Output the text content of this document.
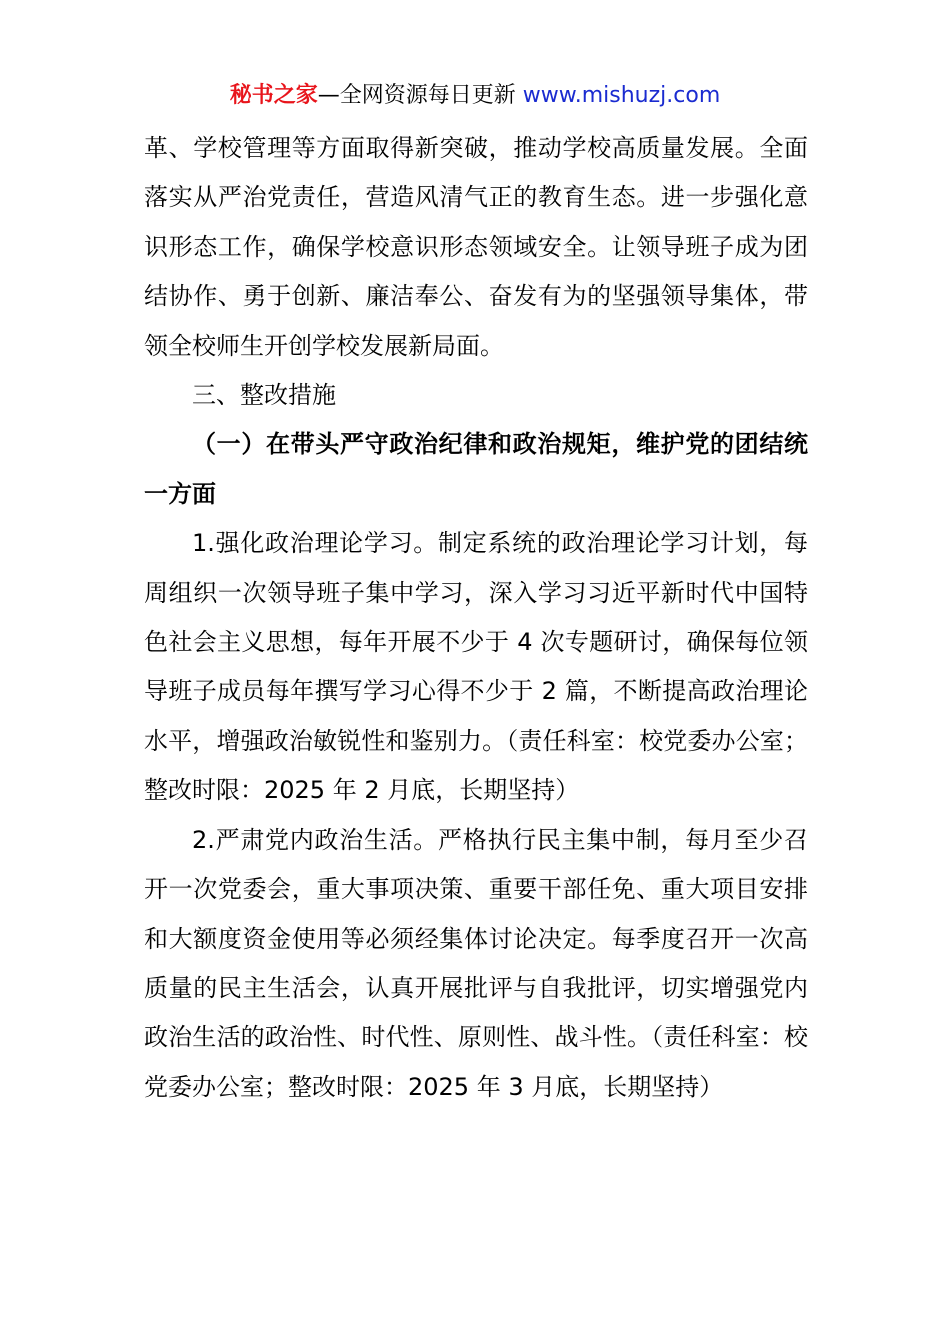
秘书之家—全网资源每日更新 www.mishuzj.com

革、学校管理等方面取得新突破，推动学校高质量发展。全面落实从严治党责任，营造风清气正的教育生态。进一步强化意识形态工作，确保学校意识形态领域安全。让领导班子成为团结协作、勇于创新、廉洁奉公、奋发有为的坚强领导集体，带领全校师生开创学校发展新局面。

三、整改措施

（一）在带头严守政治纪律和政治规矩，维护党的团结统一方面

1.强化政治理论学习。制定系统的政治理论学习计划，每周组织一次领导班子集中学习，深入学习习近平新时代中国特色社会主义思想，每年开展不少于 4 次专题研讨，确保每位领导班子成员每年撰写学习心得不少于 2 篇，不断提高政治理论水平，增强政治敏锐性和鉴别力。（责任科室：校党委办公室；整改时限：2025 年 2 月底，长期坚持）

2.严肃党内政治生活。严格执行民主集中制，每月至少召开一次党委会，重大事项决策、重要干部任免、重大项目安排和大额度资金使用等必须经集体讨论决定。每季度召开一次高质量的民主生活会，认真开展批评与自我批评，切实增强党内政治生活的政治性、时代性、原则性、战斗性。（责任科室：校党委办公室；整改时限：2025 年 3 月底，长期坚持）
